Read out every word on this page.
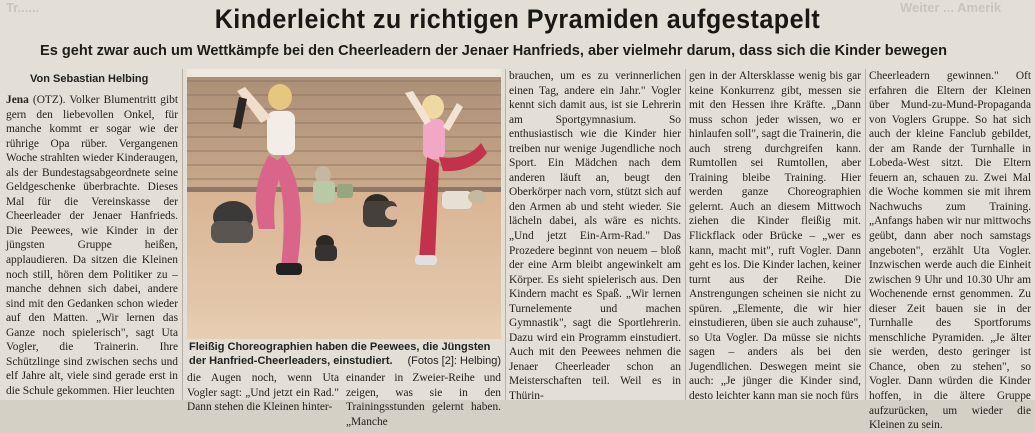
Tr......	Weiter ... Amerik
Kinderleicht zu richtigen Pyramiden aufgestapelt
Es geht zwar auch um Wettkämpfe bei den Cheerleadern der Jenaer Hanfrieds, aber vielmehr darum, dass sich die Kinder bewegen
Von Sebastian Helbing
Jena (OTZ). Volker Blumentritt gibt gern den liebevollen Onkel, für manche kommt er sogar wie der rührige Opa rüber. Vergangenen Woche strahlten wieder Kinderaugen, als der Bundestagsabgeordnete seine Geldgeschenke überbrachte. Dieses Mal für die Vereinskasse der Cheerleader der Jenaer Hanfrieds. Die Peewees, wie Kinder in der jüngsten Gruppe heißen, applaudieren. Da sitzen die Kleinen noch still, hören dem Politiker zu – manche dehnen sich dabei, andere sind mit den Gedanken schon wieder auf den Matten. „Wir lernen das Ganze noch spielerisch", sagt Uta Vogler, die Trainerin. Ihre Schützlinge sind zwischen sechs und elf Jahre alt, viele sind gerade erst in die Schule gekommen. Hier leuchten
Fleißig Choreographien haben die Peewees, die Jüngsten der Hanfried-Cheerleaders, einstudiert. (Fotos [2]: Helbing)
die Augen noch, wenn Uta Vogler sagt: „Und jetzt ein Rad." Dann stehen die Kleinen hinter-
einander in Zweier-Reihe und zeigen, was sie in den Trainingsstunden gelernt haben. „Manche
brauchen, um es zu verinnerlichen einen Tag, andere ein Jahr." Vogler kennt sich damit aus, ist sie Lehrerin am Sportgymnasium. So enthusiastisch wie die Kinder hier treiben nur wenige Jugendliche noch Sport. Ein Mädchen nach dem anderen läuft an, beugt den Oberkörper nach vorn, stützt sich auf den Armen ab und steht wieder. Sie lächeln dabei, als wäre es nichts. „Und jetzt Ein-Arm-Rad." Das Prozedere beginnt von neuem – bloß der eine Arm bleibt angewinkelt am Körper. Es sieht spielerisch aus. Den Kindern macht es Spaß. „Wir lernen Turnelemente und machen Gymnastik", sagt die Sportlehrerin. Dazu wird ein Programm einstudiert. Auch mit den Peewees nehmen die Jenaer Cheerleader schon an Meisterschaften teil. Weil es in Thürin-
gen in der Altersklasse wenig bis gar keine Konkurrenz gibt, messen sie mit den Hessen ihre Kräfte. „Dann muss schon jeder wissen, wo er hinlaufen soll", sagt die Trainerin, die auch streng durchgreifen kann. Rumtollen sei Rumtollen, aber Training bleibe Training. Hier werden ganze Choreographien gelernt. Auch an diesem Mittwoch ziehen die Kinder fleißig mit. Flickflack oder Brücke – „wer es kann, macht mit", ruft Vogler. Dann geht es los. Die Kinder lachen, keiner turnt aus der Reihe. Die Anstrengungen scheinen sie nicht zu spüren. „Elemente, die wir hier einstudieren, üben sie auch zuhause", so Uta Vogler. Da müsse sie nichts sagen – anders als bei den Jugendlichen. Deswegen meint sie auch: „Je jünger die Kinder sind, desto leichter kann man sie noch fürs
Cheerleadern gewinnen." Oft erfahren die Eltern der Kleinen über Mund-zu-Mund-Propaganda von Voglers Gruppe. So hat sich auch der kleine Fanclub gebildet, der am Rande der Turnhalle in Lobeda-West sitzt. Die Eltern feuern an, schauen zu. Zwei Mal die Woche kommen sie mit ihrem Nachwuchs zum Training. „Anfangs haben wir nur mittwochs geübt, dann aber noch samstags angeboten", erzählt Uta Vogler. Inzwischen werde auch die Einheit zwischen 9 Uhr und 10.30 Uhr am Wochenende ernst genommen. Zu dieser Zeit bauen sie in der Turnhalle des Sportforums menschliche Pyramiden. „Je älter sie werden, desto geringer ist Chance, oben zu stehen", so Vogler. Dann würden die Kinder hoffen, in die ältere Gruppe aufzurücken, um wieder die Kleinen zu sein.
